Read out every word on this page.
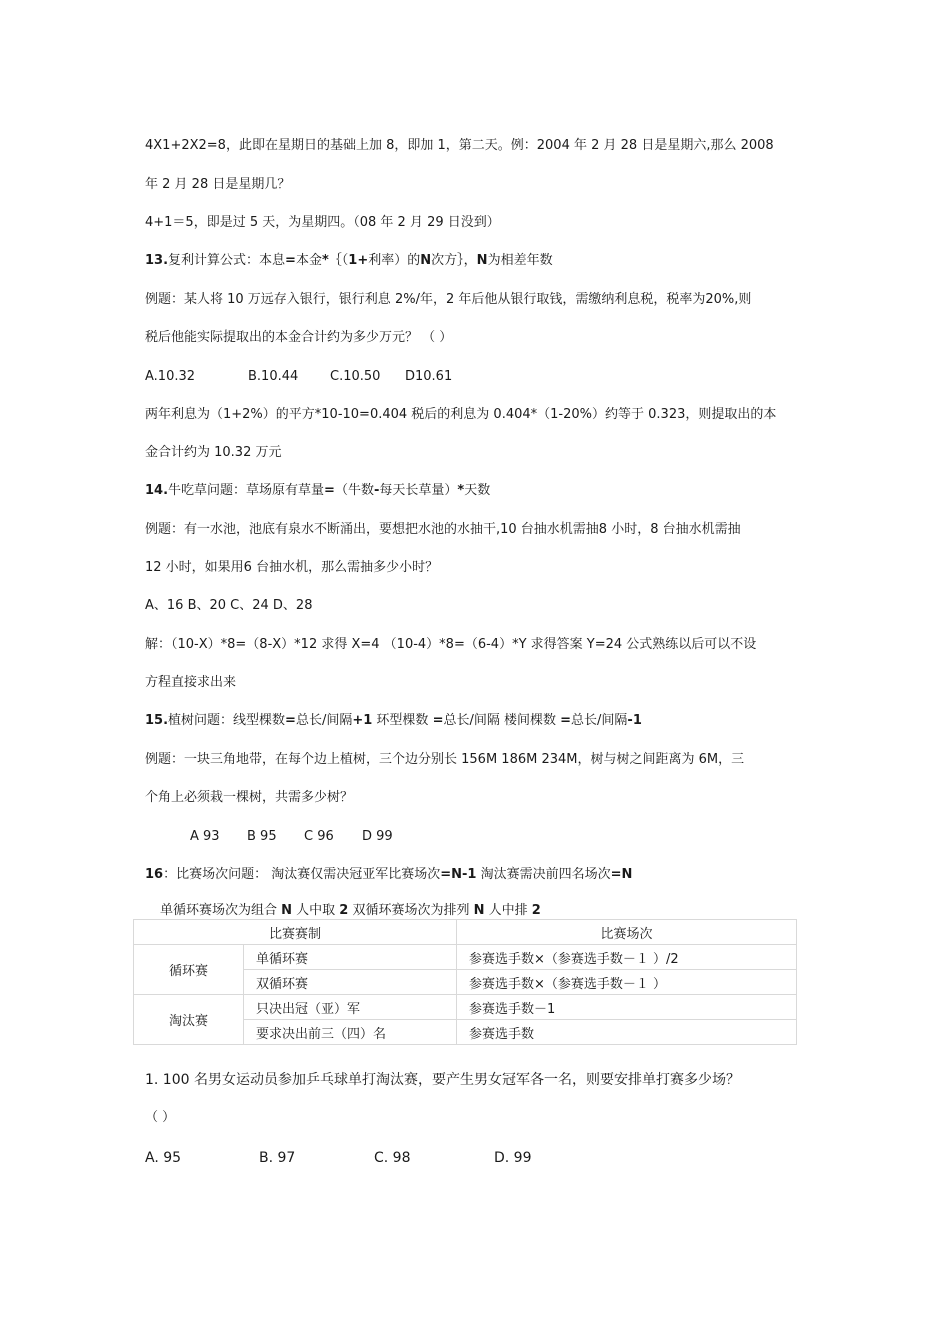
4X1+2X2=8，此即在星期日的基础上加 8，即加 1，第二天。例：2004 年 2 月 28 日是星期六,那么 2008

年 2 月 28 日是星期几？

4+1＝5，即是过 5 天，为星期四。（08 年 2 月 29 日没到）

13.复利计算公式：本息=本金*｛（1+利率）的N次方｝，N为相差年数

例题：某人将 10 万远存入银行，银行利息 2%/年，2 年后他从银行取钱，需缴纳利息税，税率为20%,则

税后他能实际提取出的本金合计约为多少万元？ （ ）

A.10.32	B.10.44 C.10.50 D10.61

两年利息为（1+2%）的平方*10-10=0.404 税后的利息为 0.404*（1-20%）约等于 0.323，则提取出的本

金合计约为 10.32 万元

14.牛吃草问题：草场原有草量=（牛数-每天长草量）*天数

例题：有一水池，池底有泉水不断涌出，要想把水池的水抽干,10 台抽水机需抽8 小时，8 台抽水机需抽

12 小时，如果用6 台抽水机，那么需抽多少小时？

A、16 B、20 C、24 D、28

解：（10-X）*8=（8-X）*12 求得 X=4 （10-4）*8=（6-4）*Y 求得答案 Y=24 公式熟练以后可以不设

方程直接求出来

15.植树问题：线型棵数=总长/间隔+1 环型棵数 =总长/间隔 楼间棵数 =总长/间隔-1

例题：一块三角地带，在每个边上植树，三个边分别长 156M 186M 234M，树与树之间距离为 6M，三

个角上必须栽一棵树，共需多少树？

A 93 B 95 C 96 D 99

16：比赛场次问题： 淘汰赛仅需决冠亚军比赛场次=N-1 淘汰赛需决前四名场次=N

单循环赛场次为组合 N 人中取 2 双循环赛场次为排列 N 人中排 2

比赛赛制		比赛场次
循环赛	单循环赛	参赛选手数×（参赛选手数－１ ）/2
	双循环赛	参赛选手数×（参赛选手数－１ ）
淘汰赛	只决出冠（亚）军	参赛选手数－1
	要求决出前三（四）名	参赛选手数

1. 100 名男女运动员参加乒乓球单打淘汰赛，要产生男女冠军各一名，则要安排单打赛多少场？

（ ）

A. 95	B. 97	C. 98	D. 99
